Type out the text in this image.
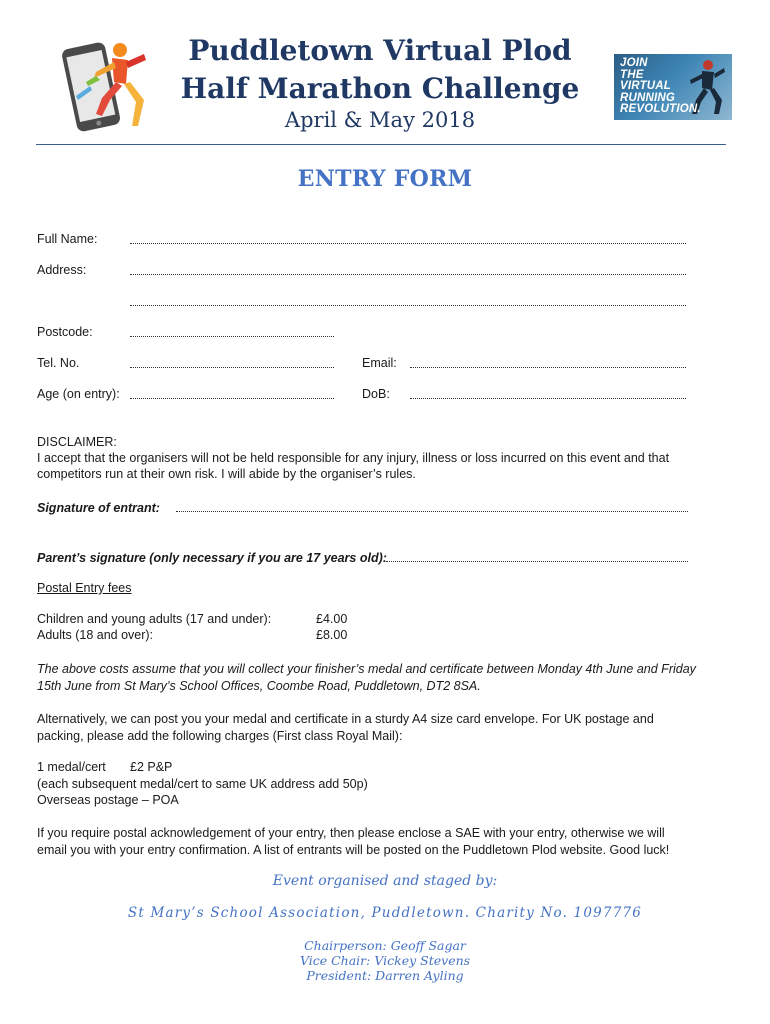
Puddletown Virtual Plod
Half Marathon Challenge
April & May 2018
JOIN
THE
VIRTUAL
RUNNING
REVOLUTION.
ENTRY FORM
Full Name:
Address:
Postcode:
Tel. No.	Email:
Age (on entry):	DoB:
DISCLAIMER:
I accept that the organisers will not be held responsible for any injury, illness or loss incurred on this event and that
competitors run at their own risk. I will abide by the organiser’s rules.
Signature of entrant:
Parent’s signature (only necessary if you are 17 years old):
Postal Entry fees
Children and young adults (17 and under):	£4.00
Adults (18 and over):	£8.00
The above costs assume that you will collect your finisher’s medal and certificate between Monday 4th June and Friday
15th June from St Mary’s School Offices, Coombe Road, Puddletown, DT2 8SA.
Alternatively, we can post you your medal and certificate in a sturdy A4 size card envelope. For UK postage and
packing, please add the following charges (First class Royal Mail):
1 medal/cert £2 P&P
(each subsequent medal/cert to same UK address add 50p)
Overseas postage – POA
If you require postal acknowledgement of your entry, then please enclose a SAE with your entry, otherwise we will
email you with your entry confirmation. A list of entrants will be posted on the Puddletown Plod website. Good luck!
Event organised and staged by:
St Mary’s School Association, Puddletown. Charity No. 1097776
Chairperson: Geoff Sagar
Vice Chair: Vickey Stevens
President: Darren Ayling
